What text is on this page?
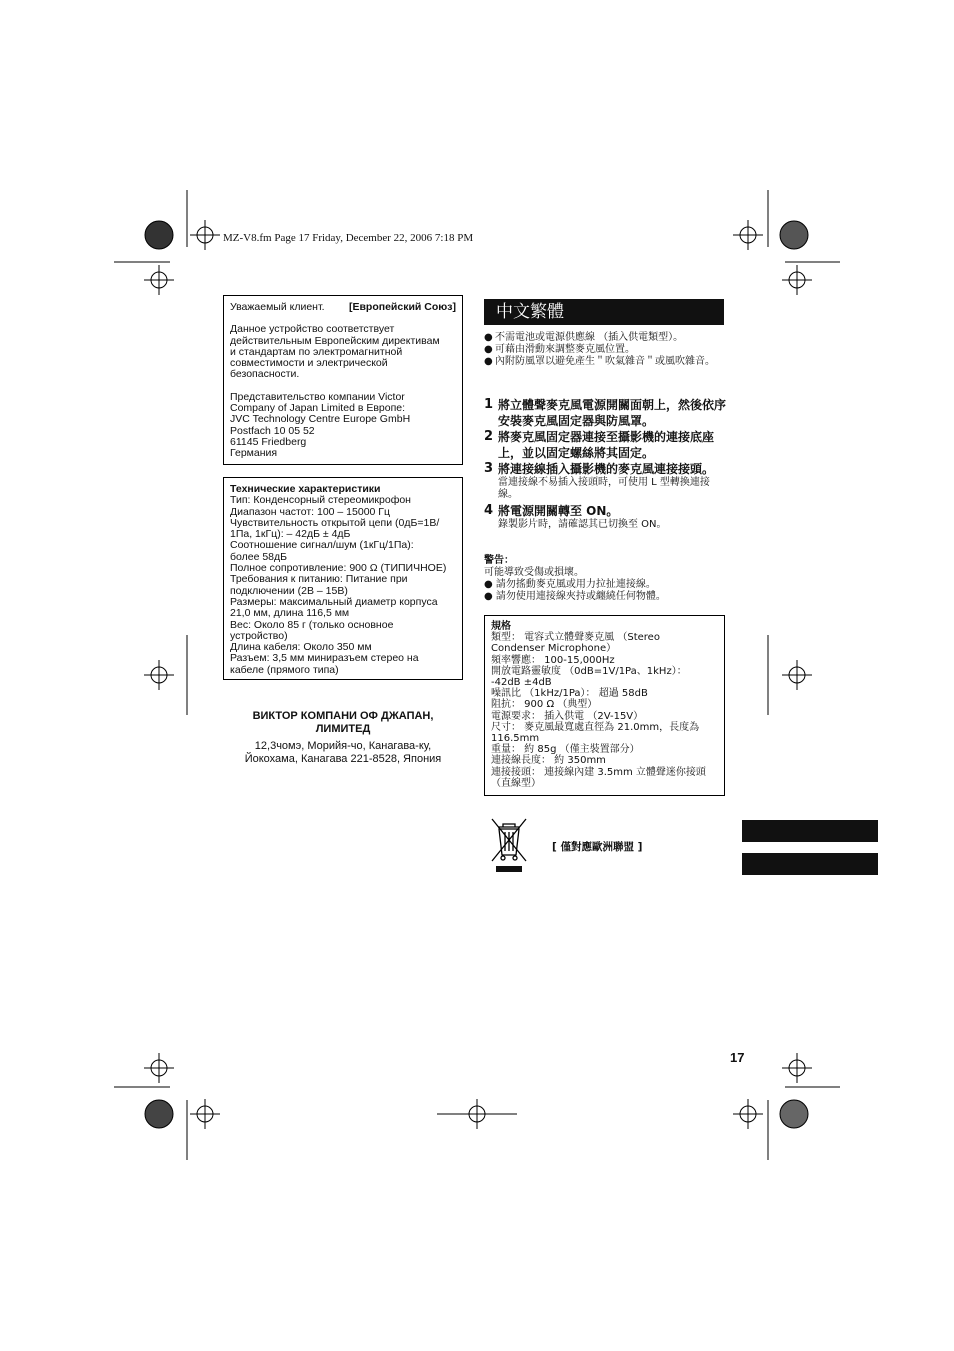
MZ-V8.fm Page 17 Friday, December 22, 2006 7:18 PM
Уважаемый клиент. [Европейский Союз]

Данное устройство соответствует

действительным Европейским директивам

и стандартам по электромагнитной

совместимости и электрической

безопасности.

Представительство компании Victor

Company of Japan Limited в Европе:

JVC Technology Centre Europe GmbH

Postfach 10 05 52

61145 Friedberg

Германия

Технические характеристики

Тип: Конденсорный стереомикрофон

Диапазон частот: 100 – 15000 Гц

Чувствительность открытой цепи (0дБ=1В/

1Па, 1кГц): – 42дБ ± 4дБ

Соотношение сигнал/шум (1кГц/1Па):

более 58дБ

Полное сопротивление: 900 Ω (ТИПИЧНОЕ)

Требования к питанию: Питание при

подключении (2В – 15В)

Размеры: максимальный диаметр корпуса

21,0 мм, длина 116,5 мм

Вес: Около 85 г (только основное

устройство)

Длина кабеля: Около 350 мм

Разъем: 3,5 мм миниразъем стерео на

кабеле (прямого типа)

ВИКТОР КОМПАНИ ОФ ДЖАПАН,
ЛИМИТЕД
12,3чомэ, Морийя-чо, Канагава-ку,
Йокохама, Канагава 221-8528, Япония
中文繁體
● 不需電池或電源供應線 （插入供電類型）。
● 可藉由滑動來調整麥克風位置。
● 內附防風罩以避免產生＂吹氣雜音＂或風吹雜音。
1 將立體聲麥克風電源開關面朝上，然後依序安裝麥克風固定器與防風罩。
2 將麥克風固定器連接至攝影機的連接底座上，並以固定螺絲將其固定。
3 將連接線插入攝影機的麥克風連接接頭。
當連接線不易插入接頭時，可使用 L 型轉換連接線。
4 將電源開關轉至 ON。
錄製影片時，請確認其已切換至 ON。
警告：
可能導致受傷或損壞。
● 請勿搖動麥克風或用力拉扯連接線。
● 請勿使用連接線夾持或纏繞任何物體。
規格
類型： 電容式立體聲麥克風 （Stereo
Condenser Microphone）
頻率響應： 100-15,000Hz
開放電路靈敏度 （0dB=1V/1Pa、1kHz）：
-42dB ±4dB
噪訊比 （1kHz/1Pa）： 超過 58dB
阻抗： 900 Ω （典型）
電源要求： 插入供電 （2V-15V）
尺寸： 麥克風最寬處直徑為 21.0mm，長度為
116.5mm
重量： 約 85g （僅主裝置部分）
連接線長度： 約 350mm
連接接頭： 連接線內建 3.5mm 立體聲迷你接頭
（直線型）
[ 僅對應歐洲聯盟 ]
17
